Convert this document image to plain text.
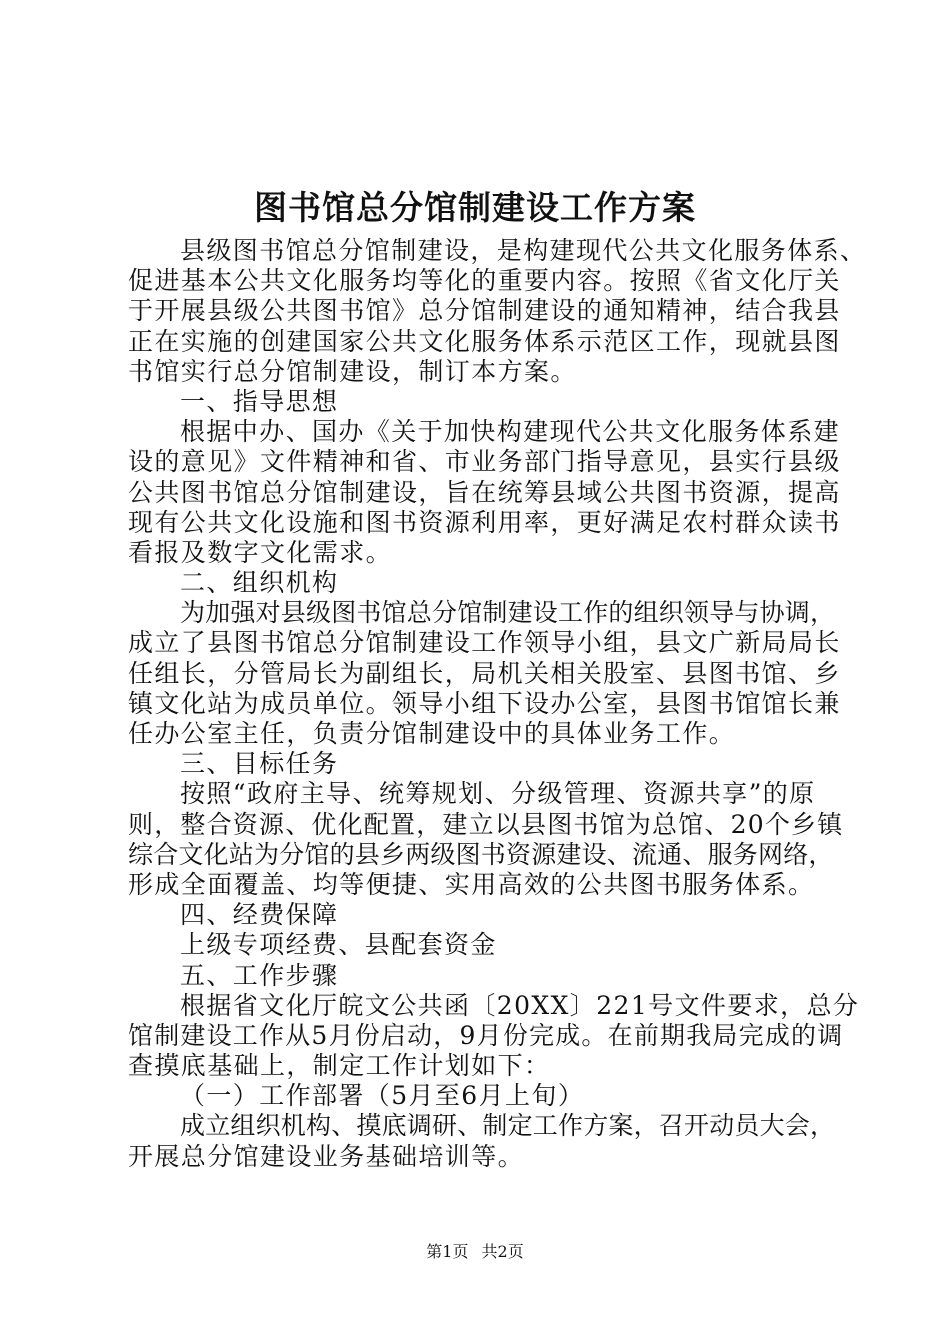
图书馆总分馆制建设工作方案
县级图书馆总分馆制建设，是构建现代公共文化服务体系、
促进基本公共文化服务均等化的重要内容。按照《省文化厅关
于开展县级公共图书馆》总分馆制建设的通知精神，结合我县
正在实施的创建国家公共文化服务体系示范区工作，现就县图
书馆实行总分馆制建设，制订本方案。
一、指导思想
根据中办、国办《关于加快构建现代公共文化服务体系建
设的意见》文件精神和省、市业务部门指导意见，县实行县级
公共图书馆总分馆制建设，旨在统筹县域公共图书资源，提高
现有公共文化设施和图书资源利用率，更好满足农村群众读书
看报及数字文化需求。
二、组织机构
为加强对县级图书馆总分馆制建设工作的组织领导与协调，
成立了县图书馆总分馆制建设工作领导小组，县文广新局局长
任组长，分管局长为副组长，局机关相关股室、县图书馆、乡
镇文化站为成员单位。领导小组下设办公室，县图书馆馆长兼
任办公室主任，负责分馆制建设中的具体业务工作。
三、目标任务
按照“政府主导、统筹规划、分级管理、资源共享”的原
则，整合资源、优化配置，建立以县图书馆为总馆、20个乡镇
综合文化站为分馆的县乡两级图书资源建设、流通、服务网络，
形成全面覆盖、均等便捷、实用高效的公共图书服务体系。
四、经费保障
上级专项经费、县配套资金
五、工作步骤
根据省文化厅皖文公共函〔20XX〕221号文件要求，总分
馆制建设工作从5月份启动，9月份完成。在前期我局完成的调
查摸底基础上，制定工作计划如下：
（一）工作部署（5月至6月上旬）
成立组织机构、摸底调研、制定工作方案，召开动员大会，
开展总分馆建设业务基础培训等。
第1页 共2页
